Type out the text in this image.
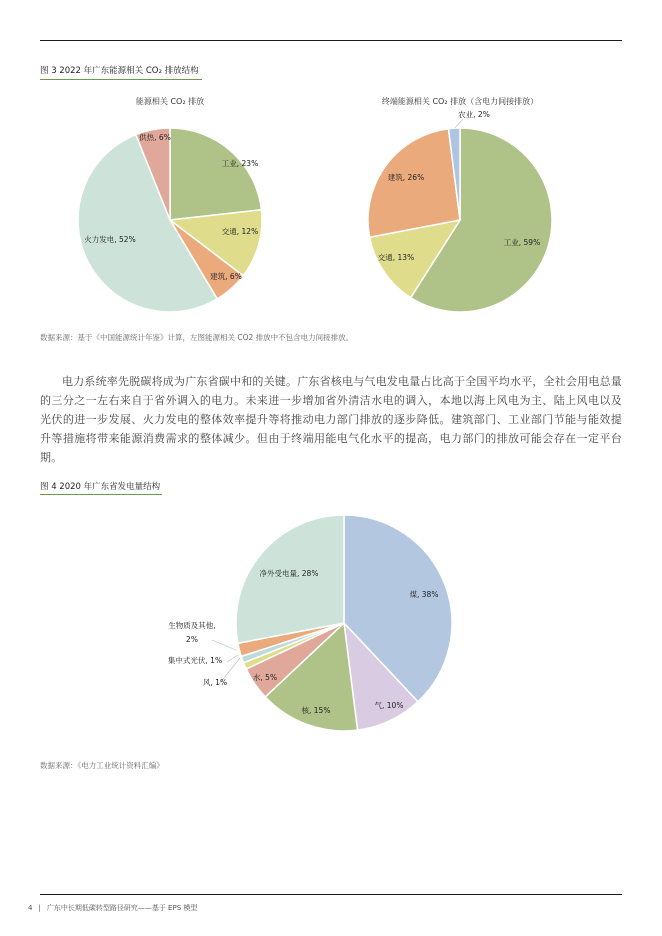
图 3 2022 年广东能源相关 CO₂ 排放结构
能源相关 CO₂ 排放	终端能源相关 CO₂ 排放（含电力间接排放）
工业, 23%
交通, 12%
建筑, 6%
火力发电, 52%
供热, 6%
工业, 59%
交通, 13%
建筑, 26%
农业, 2%
煤, 38%
气, 10%
核, 15%
水, 5%
风, 1%
集中式光伏, 1%
生物质及其他,
2%
净外受电量, 28%
数据来源：基于《中国能源统计年鉴》计算，左图能源相关 CO2 排放中不包含电力间接排放。
电力系统率先脱碳将成为广东省碳中和的关键。广东省核电与气电发电量占比高于全国平均水平，全社会用电总量的三分之一左右来自于省外调入的电力。未来进一步增加省外清洁水电的调入，本地以海上风电为主、陆上风电以及光伏的进一步发展、火力发电的整体效率提升等将推动电力部门排放的逐步降低。建筑部门、工业部门节能与能效提升等措施将带来能源消费需求的整体减少。但由于终端用能电气化水平的提高，电力部门的排放可能会存在一定平台期。
图 4 2020 年广东省发电量结构
数据来源：《电力工业统计资料汇编》
4 | 广东中长期低碳转型路径研究——基于 EPS 模型
